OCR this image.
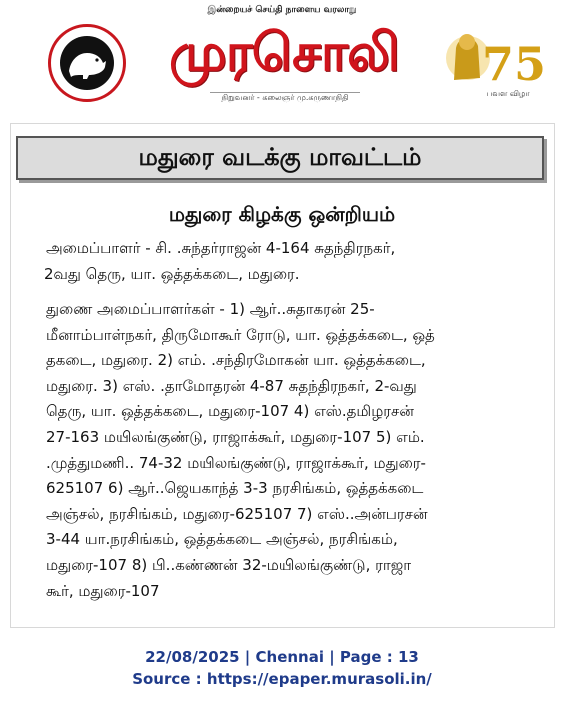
இன்றையச் செய்தி நாளைய வரலாறு
முரசொலி
நிறுவனர் - கலைஞர் மு.கருணாநிதி
75
பவள விழா
மதுரை வடக்கு மாவட்டம்
மதுரை கிழக்கு ஒன்றியம்
அமைப்பாளர் - சி. .சுந்தர்ராஜன் 4-164 சுதந்திரநகர்,
2வது தெரு, யா. ஒத்தக்கடை, மதுரை.
துணை அமைப்பாளர்கள் - 1) ஆர்..சுதாகரன் 25-
மீனாம்பாள்நகர், திருமோகூர் ரோடு, யா. ஒத்தக்கடை, ஒத்
தகடை, மதுரை. 2) எம். .சந்திரமோகன் யா. ஒத்தக்கடை,
மதுரை. 3) எஸ். .தாமோதரன் 4-87 சுதந்திரநகர், 2-வது
தெரு, யா. ஒத்தக்கடை, மதுரை-107 4) எஸ்.தமிழரசன்
27-163 மயிலங்குண்டு, ராஜாக்கூர், மதுரை-107 5) எம்.
.முத்துமணி.. 74-32 மயிலங்குண்டு, ராஜாக்கூர், மதுரை-
625107 6) ஆர்..ஜெயகாந்த் 3-3 நரசிங்கம், ஒத்தக்கடை
அஞ்சல், நரசிங்கம், மதுரை-625107 7) எஸ்..அன்பரசன்
3-44 யா.நரசிங்கம், ஒத்தக்கடை அஞ்சல், நரசிங்கம்,
மதுரை-107 8) பி..கண்ணன் 32-மயிலங்குண்டு, ராஜா
கூர், மதுரை-107
22/08/2025 | Chennai | Page : 13
Source : https://epaper.murasoli.in/
